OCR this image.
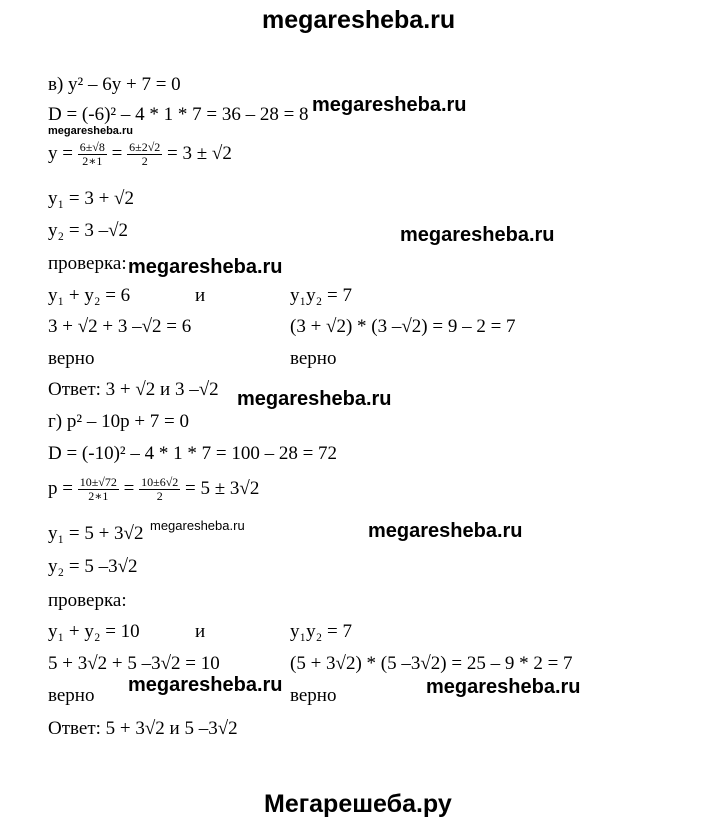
megaresheba.ru
в) y² – 6y + 7 = 0
D = (-6)² – 4 * 1 * 7 = 36 – 28 = 8 megaresheba.ru
megaresheba.ru
$y = \frac{6\pm√8}{2∗1} = \frac{6\pm 2√2}{2} = 3 \pm √2$
y₁ = 3 + √2
y₂ = 3 –√2	megaresheba.ru
проверка: megaresheba.ru
y₁ + y₂ = 6	и	y₁y₂ = 7
3 + √2 + 3 –√2 = 6	(3 + √2) * (3 –√2) = 9 – 2 = 7
верно	верно
Ответ: 3 + √2 и 3 –√2 megaresheba.ru
г) p² – 10p + 7 = 0
D = (-10)² – 4 * 1 * 7 = 100 – 28 = 72
$p = \frac{10\pm√72}{2∗1} = \frac{10\pm 6√2}{2} = 5 \pm 3√2$
y₁ = 5 + 3√2 megaresheba.ru	megaresheba.ru
y₂ = 5 –3√2
проверка:
y₁ + y₂ = 10	и	y₁y₂ = 7
5 + 3√2 + 5 –3√2 = 10	(5 + 3√2) * (5 –3√2) = 25 – 9 * 2 = 7
верно megaresheba.ru верно	megaresheba.ru
Ответ: 5 + 3√2 и 5 –3√2
Мегарешеба.ру
